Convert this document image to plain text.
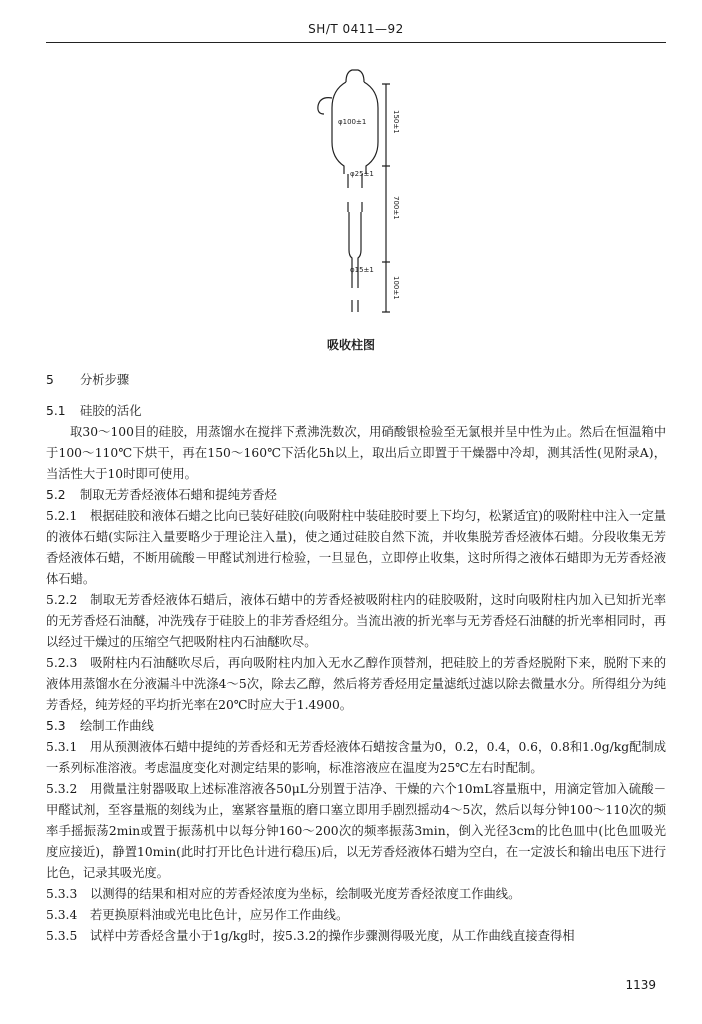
SH/T 0411—92
φ100±1
φ25±1
φ15±1
150±1
700±1
100±1
吸收柱图
5 分析步骤
5.1 硅胶的活化

取30～100目的硅胶，用蒸馏水在搅拌下煮沸洗数次，用硝酸银检验至无氯根并呈中性为止。然后在恒温箱中于100～110℃下烘干，再在150～160℃下活化5h以上，取出后立即置于干燥器中冷却，测其活性(见附录A)，当活性大于10时即可使用。

5.2 制取无芳香烃液体石蜡和提纯芳香烃

5.2.1 根据硅胶和液体石蜡之比向已装好硅胶(向吸附柱中装硅胶时要上下均匀，松紧适宜)的吸附柱中注入一定量的液体石蜡(实际注入量要略少于理论注入量)，使之通过硅胶自然下流，并收集脱芳香烃液体石蜡。分段收集无芳香烃液体石蜡，不断用硫酸－甲醛试剂进行检验，一旦显色，立即停止收集，这时所得之液体石蜡即为无芳香烃液体石蜡。

5.2.2 制取无芳香烃液体石蜡后，液体石蜡中的芳香烃被吸附柱内的硅胶吸附，这时向吸附柱内加入已知折光率的无芳香烃石油醚，冲洗残存于硅胶上的非芳香烃组分。当流出液的折光率与无芳香烃石油醚的折光率相同时，再以经过干燥过的压缩空气把吸附柱内石油醚吹尽。

5.2.3 吸附柱内石油醚吹尽后，再向吸附柱内加入无水乙醇作顶替剂，把硅胶上的芳香烃脱附下来，脱附下来的液体用蒸馏水在分液漏斗中洗涤4～5次，除去乙醇，然后将芳香烃用定量滤纸过滤以除去微量水分。所得组分为纯芳香烃，纯芳烃的平均折光率在20℃时应大于1.4900。

5.3 绘制工作曲线

5.3.1 用从预测液体石蜡中提纯的芳香烃和无芳香烃液体石蜡按含量为0，0.2，0.4，0.6，0.8和1.0g/kg配制成一系列标准溶液。考虑温度变化对测定结果的影响，标准溶液应在温度为25℃左右时配制。

5.3.2 用微量注射器吸取上述标准溶液各50μL分别置于洁净、干燥的六个10mL容量瓶中，用滴定管加入硫酸－甲醛试剂，至容量瓶的刻线为止，塞紧容量瓶的磨口塞立即用手剧烈摇动4～5次，然后以每分钟100～110次的频率手摇振荡2min或置于振荡机中以每分钟160～200次的频率振荡3min，倒入光径3cm的比色皿中(比色皿吸光度应接近)，静置10min(此时打开比色计进行稳压)后，以无芳香烃液体石蜡为空白，在一定波长和输出电压下进行比色，记录其吸光度。

5.3.3 以测得的结果和相对应的芳香烃浓度为坐标，绘制吸光度芳香烃浓度工作曲线。

5.3.4 若更换原料油或光电比色计，应另作工作曲线。

5.3.5 试样中芳香烃含量小于1g/kg时，按5.3.2的操作步骤测得吸光度，从工作曲线直接查得相

1139
